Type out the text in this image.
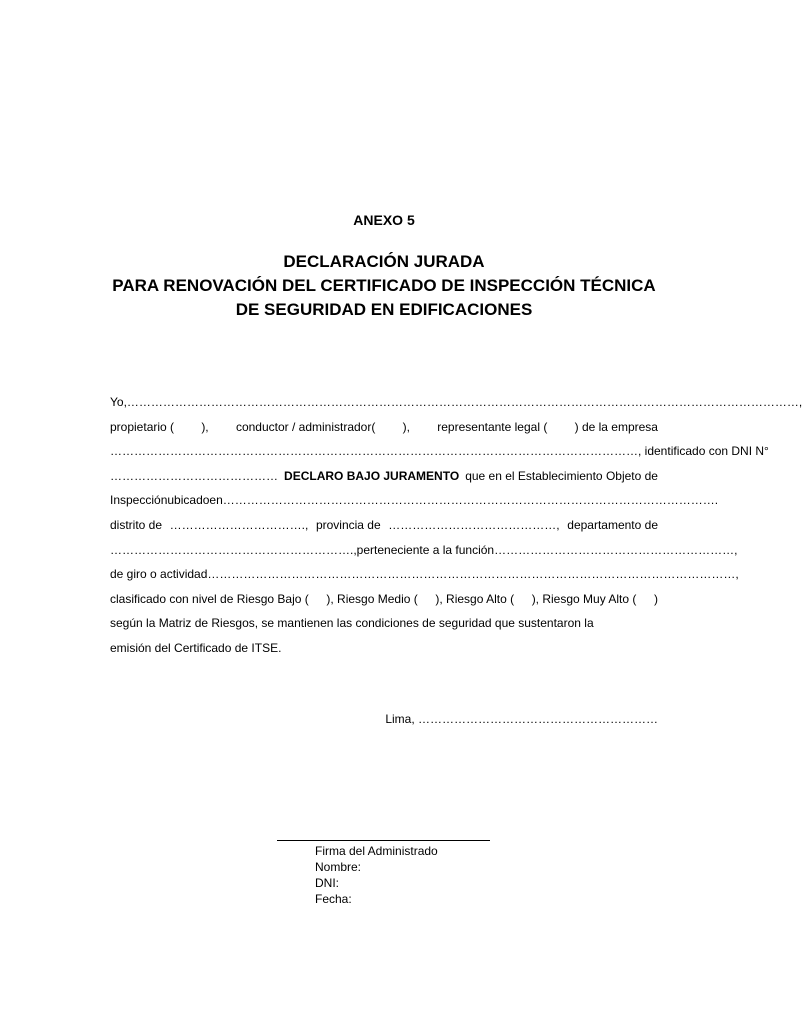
ANEXO 5
DECLARACIÓN JURADA
PARA RENOVACIÓN DEL CERTIFICADO DE INSPECCIÓN TÉCNICA
DE SEGURIDAD EN EDIFICACIONES
Yo, ……………………………………………………………………………………………………………………………………………………,
propietario ( ), conductor / administrador( ), representante legal ( ) de la empresa
……………………………………………………………………………………………………………………, identificado con DNI N°
…………………………………… DECLARO BAJO JURAMENTO que en el Establecimiento Objeto de
Inspección ubicado en …………………………………………………………………………………………………………….
distrito de ……………………………., provincia de ……………………………………, departamento de
……………………………………………………., perteneciente a la función ……………………………………………………,
de giro o actividad ……………………………………………………………………………………………………………………,
clasificado con nivel de Riesgo Bajo ( ), Riesgo Medio ( ), Riesgo Alto ( ), Riesgo Muy Alto ( )
según la Matriz de Riesgos, se mantienen las condiciones de seguridad que sustentaron la
emisión del Certificado de ITSE.
Lima, ……………………………………………………
Firma del Administrado
Nombre:
DNI:
Fecha:
